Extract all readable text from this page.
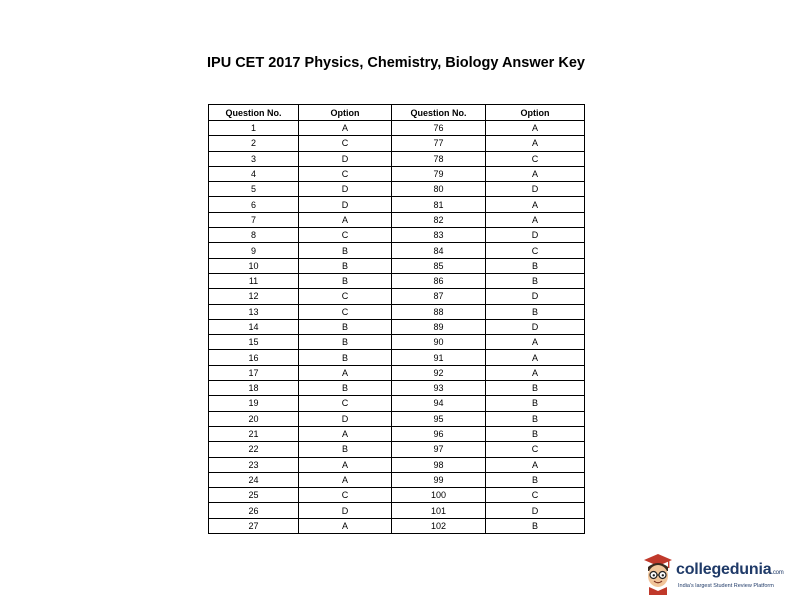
IPU CET 2017 Physics, Chemistry, Biology Answer Key
Question No.	Option		Question No.	Option
1	A		76	A
2	C		77	A
3	D		78	C
4	C		79	A
5	D		80	D
6	D		81	A
7	A		82	A
8	C		83	D
9	B		84	C
10	B		85	B
11	B		86	B
12	C		87	D
13	C		88	B
14	B		89	D
15	B		90	A
16	B		91	A
17	A		92	A
18	B		93	B
19	C		94	B
20	D		95	B
21	A		96	B
22	B		97	C
23	A		98	A
24	A		99	B
25	C		100	C
26	D		101	D
27	A		102	B
collegedunia.com
India's largest Student Review Platform
